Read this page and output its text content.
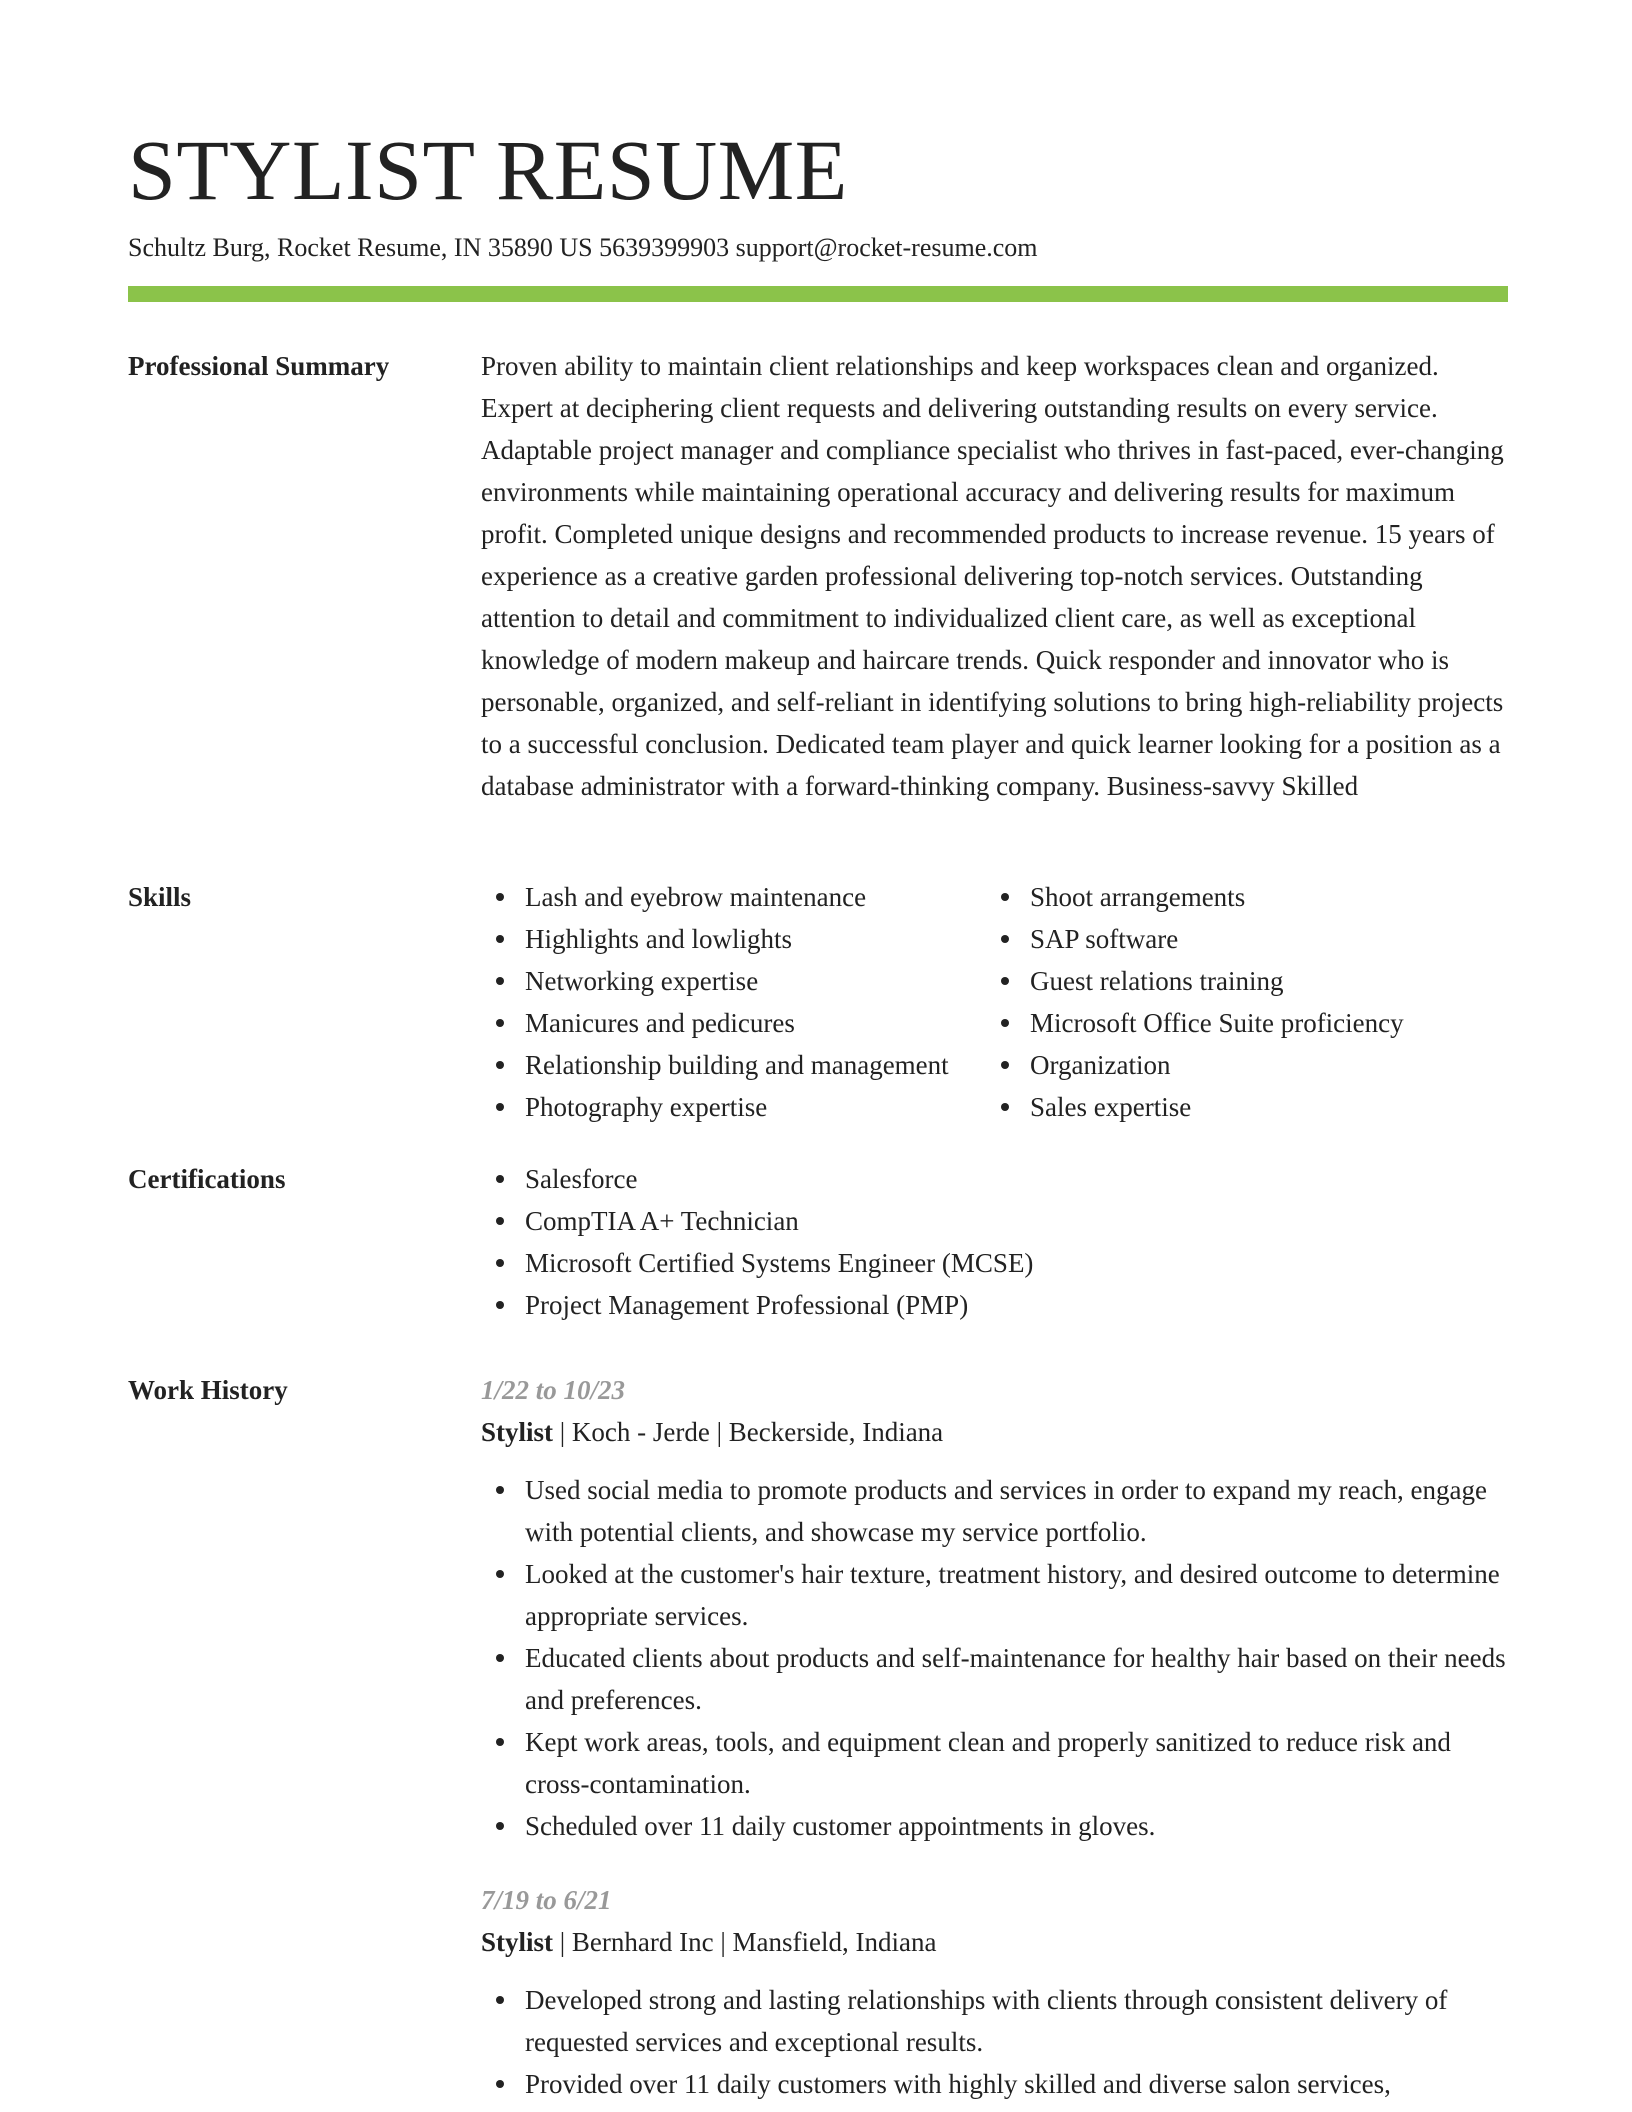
STYLIST RESUME
Schultz Burg, Rocket Resume, IN 35890 US 5639399903 support@rocket-resume.com
Professional Summary	Proven ability to maintain client relationships and keep workspaces clean and organized. Expert at deciphering client requests and delivering outstanding results on every service. Adaptable project manager and compliance specialist who thrives in fast-paced, ever-changing environments while maintaining operational accuracy and delivering results for maximum profit. Completed unique designs and recommended products to increase revenue. 15 years of experience as a creative garden professional delivering top-notch services. Outstanding attention to detail and commitment to individualized client care, as well as exceptional knowledge of modern makeup and haircare trends. Quick responder and innovator who is personable, organized, and self-reliant in identifying solutions to bring high-reliability projects to a successful conclusion. Dedicated team player and quick learner looking for a position as a database administrator with a forward-thinking company. Business-savvy Skilled

Skills	Lash and eyebrow maintenance
Highlights and lowlights
Networking expertise
Manicures and pedicures
Relationship building and management
Photography expertise
Shoot arrangements
SAP software
Guest relations training
Microsoft Office Suite proficiency
Organization
Sales expertise
Certifications	Salesforce
CompTIA A+ Technician
Microsoft Certified Systems Engineer (MCSE)
Project Management Professional (PMP)
Work History	1/22 to 10/23
Stylist | Koch - Jerde | Beckerside, Indiana
Used social media to promote products and services in order to expand my reach, engage with potential clients, and showcase my service portfolio.
Looked at the customer's hair texture, treatment history, and desired outcome to determine appropriate services.
Educated clients about products and self-maintenance for healthy hair based on their needs and preferences.
Kept work areas, tools, and equipment clean and properly sanitized to reduce risk and cross-contamination.
Scheduled over 11 daily customer appointments in gloves.
7/19 to 6/21
Stylist | Bernhard Inc | Mansfield, Indiana
Developed strong and lasting relationships with clients through consistent delivery of requested services and exceptional results.
Provided over 11 daily customers with highly skilled and diverse salon services,
